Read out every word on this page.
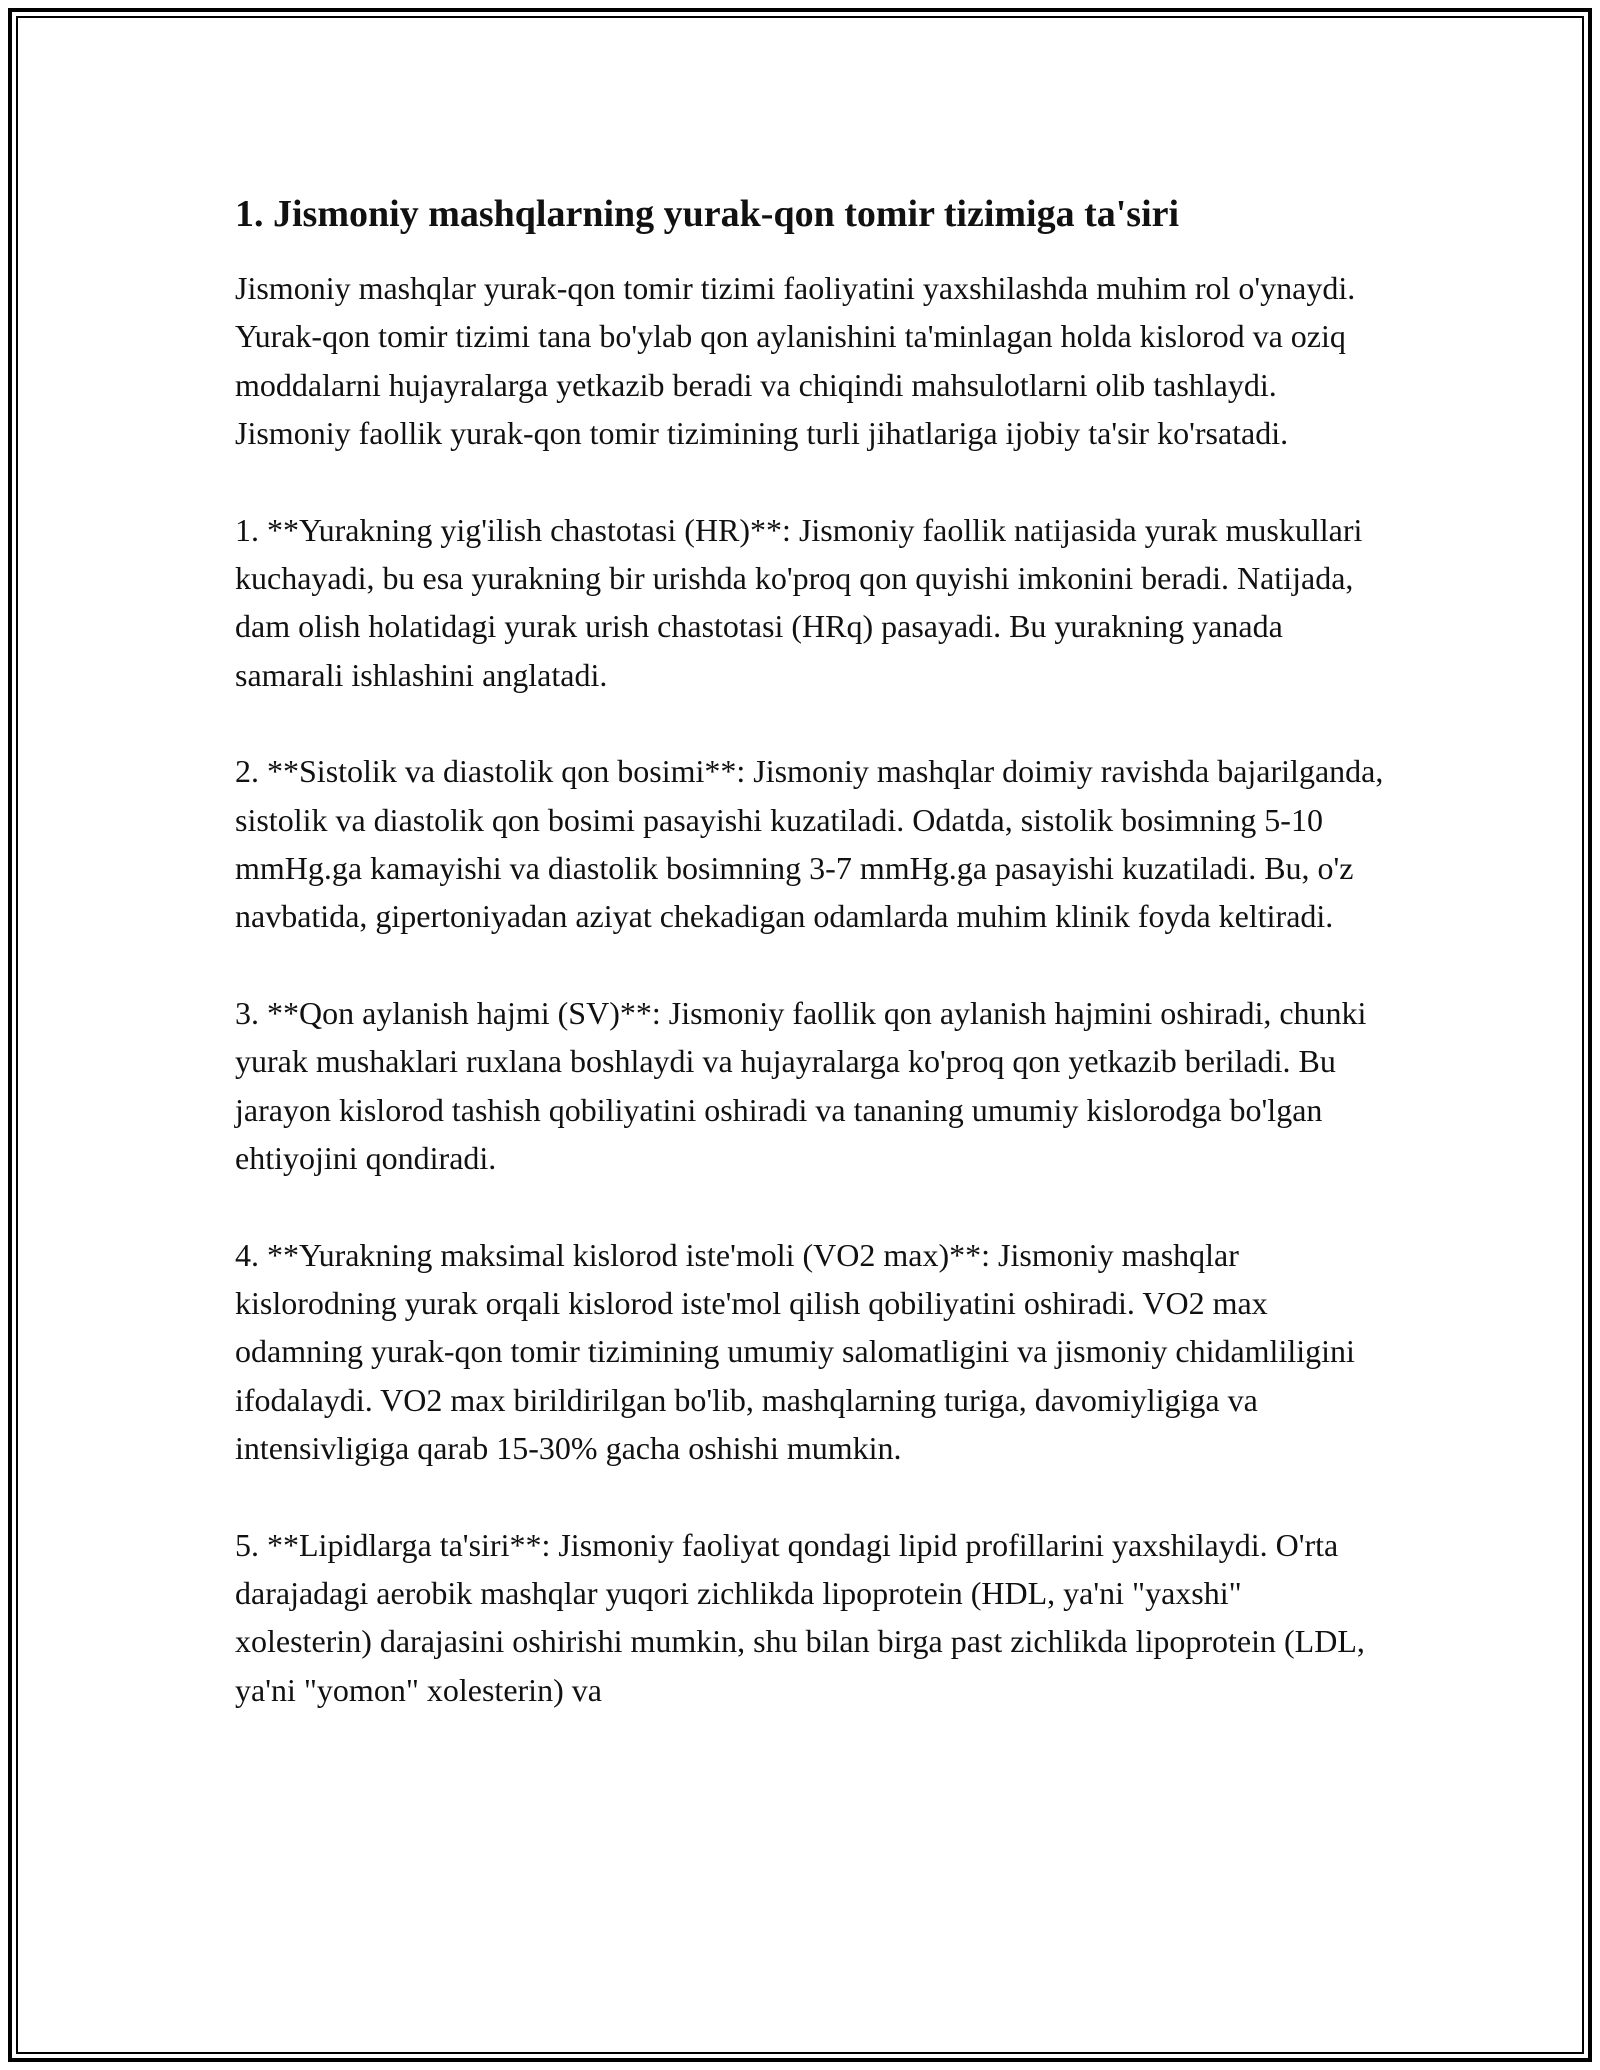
1. Jismoniy mashqlarning yurak-qon tomir tizimiga ta'siri

Jismoniy mashqlar yurak-qon tomir tizimi faoliyatini yaxshilashda muhim rol o'ynaydi. Yurak-qon tomir tizimi tana bo'ylab qon aylanishini ta'minlagan holda kislorod va oziq moddalarni hujayralarga yetkazib beradi va chiqindi mahsulotlarni olib tashlaydi. Jismoniy faollik yurak-qon tomir tizimining turli jihatlariga ijobiy ta'sir ko'rsatadi.

1. **Yurakning yig'ilish chastotasi (HR)**: Jismoniy faollik natijasida yurak muskullari kuchayadi, bu esa yurakning bir urishda ko'proq qon quyishi imkonini beradi. Natijada, dam olish holatidagi yurak urish chastotasi (HRq) pasayadi. Bu yurakning yanada samarali ishlashini anglatadi.

2. **Sistolik va diastolik qon bosimi**: Jismoniy mashqlar doimiy ravishda bajarilganda, sistolik va diastolik qon bosimi pasayishi kuzatiladi. Odatda, sistolik bosimning 5-10 mmHg.ga kamayishi va diastolik bosimning 3-7 mmHg.ga pasayishi kuzatiladi. Bu, o'z navbatida, gipertoniyadan aziyat chekadigan odamlarda muhim klinik foyda keltiradi.

3. **Qon aylanish hajmi (SV)**: Jismoniy faollik qon aylanish hajmini oshiradi, chunki yurak mushaklari ruxlana boshlaydi va hujayralarga ko'proq qon yetkazib beriladi. Bu jarayon kislorod tashish qobiliyatini oshiradi va tananing umumiy kislorodga bo'lgan ehtiyojini qondiradi.

4. **Yurakning maksimal kislorod iste'moli (VO2 max)**: Jismoniy mashqlar kislorodning yurak orqali kislorod iste'mol qilish qobiliyatini oshiradi. VO2 max odamning yurak-qon tomir tizimining umumiy salomatligini va jismoniy chidamliligini ifodalaydi. VO2 max birildirilgan bo'lib, mashqlarning turiga, davomiyligiga va intensivligiga qarab 15-30% gacha oshishi mumkin.

5. **Lipidlarga ta'siri**: Jismoniy faoliyat qondagi lipid profillarini yaxshilaydi. O'rta darajadagi aerobik mashqlar yuqori zichlikda lipoprotein (HDL, ya'ni "yaxshi" xolesterin) darajasini oshirishi mumkin, shu bilan birga past zichlikda lipoprotein (LDL, ya'ni "yomon" xolesterin) va
